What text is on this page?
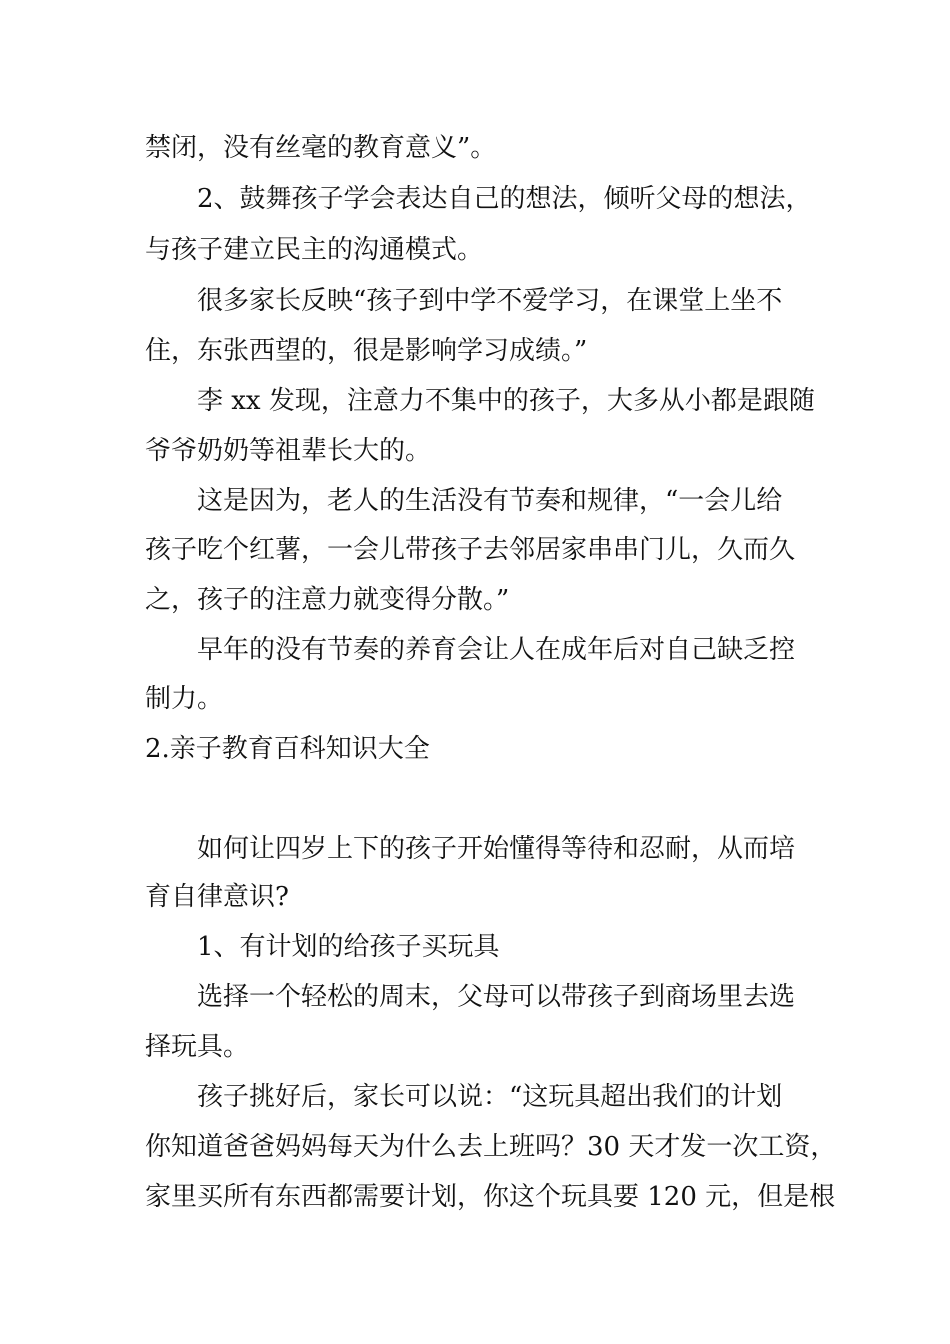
禁闭，没有丝毫的教育意义”。
2、鼓舞孩子学会表达自己的想法，倾听父母的想法，
与孩子建立民主的沟通模式。
很多家长反映“孩子到中学不爱学习，在课堂上坐不
住，东张西望的，很是影响学习成绩。”
李 xx 发现，注意力不集中的孩子，大多从小都是跟随
爷爷奶奶等祖辈长大的。
这是因为，老人的生活没有节奏和规律，“一会儿给
孩子吃个红薯，一会儿带孩子去邻居家串串门儿，久而久
之，孩子的注意力就变得分散。”
早年的没有节奏的养育会让人在成年后对自己缺乏控
制力。
2.亲子教育百科知识大全
如何让四岁上下的孩子开始懂得等待和忍耐，从而培
育自律意识?
1、有计划的给孩子买玩具
选择一个轻松的周末，父母可以带孩子到商场里去选
择玩具。
孩子挑好后，家长可以说：“这玩具超出我们的计划
你知道爸爸妈妈每天为什么去上班吗？30 天才发一次工资，
家里买所有东西都需要计划，你这个玩具要 120 元，但是根
